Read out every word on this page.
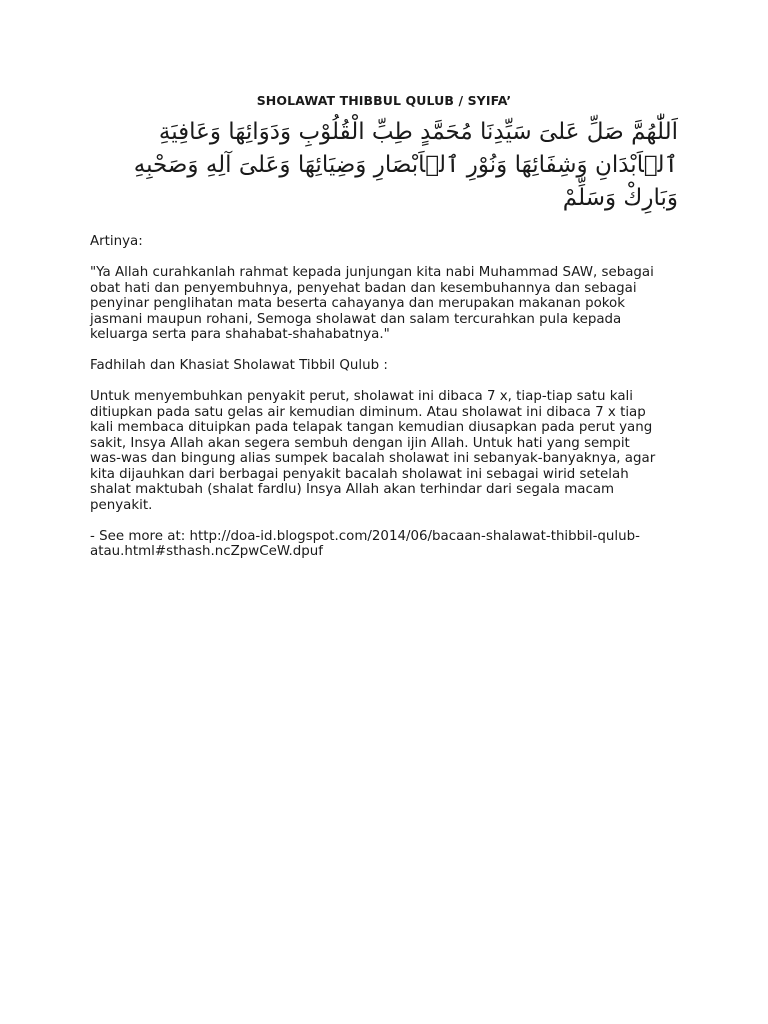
SHOLAWAT THIBBUL QULUB / SYIFA’
اَللّٰهُمَّ صَلِّ عَلىَ سَيِّدِنَا مُحَمَّدٍ طِبِّ الْقُلُوْبِ وَدَوَائِهَا وَعَافِيَةِ ٱلۡاَبْدَانِ وَشِفَائِهَا وَنُوْرِ ٱلۡاَبْصَارِ وَضِيَائِهَا وَعَلىَ آلِهِ وَصَحْبِهِ وَبَارِكْ وَسَلِّمْ
Artinya:
"Ya Allah curahkanlah rahmat kepada junjungan kita nabi Muhammad SAW, sebagai
obat hati dan penyembuhnya, penyehat badan dan kesembuhannya dan sebagai
penyinar penglihatan mata beserta cahayanya dan merupakan makanan pokok
jasmani maupun rohani, Semoga sholawat dan salam tercurahkan pula kepada
keluarga serta para shahabat-shahabatnya."
Fadhilah dan Khasiat Sholawat Tibbil Qulub :
Untuk menyembuhkan penyakit perut, sholawat ini dibaca 7 x, tiap-tiap satu kali
ditiupkan pada satu gelas air kemudian diminum. Atau sholawat ini dibaca 7 x tiap
kali membaca dituipkan pada telapak tangan kemudian diusapkan pada perut yang
sakit, Insya Allah akan segera sembuh dengan ijin Allah. Untuk hati yang sempit
was-was dan bingung alias sumpek bacalah sholawat ini sebanyak-banyaknya, agar
kita dijauhkan dari berbagai penyakit bacalah sholawat ini sebagai wirid setelah
shalat maktubah (shalat fardlu) Insya Allah akan terhindar dari segala macam
penyakit.
- See more at: http://doa-id.blogspot.com/2014/06/bacaan-shalawat-thibbil-qulub-
atau.html#sthash.ncZpwCeW.dpuf
